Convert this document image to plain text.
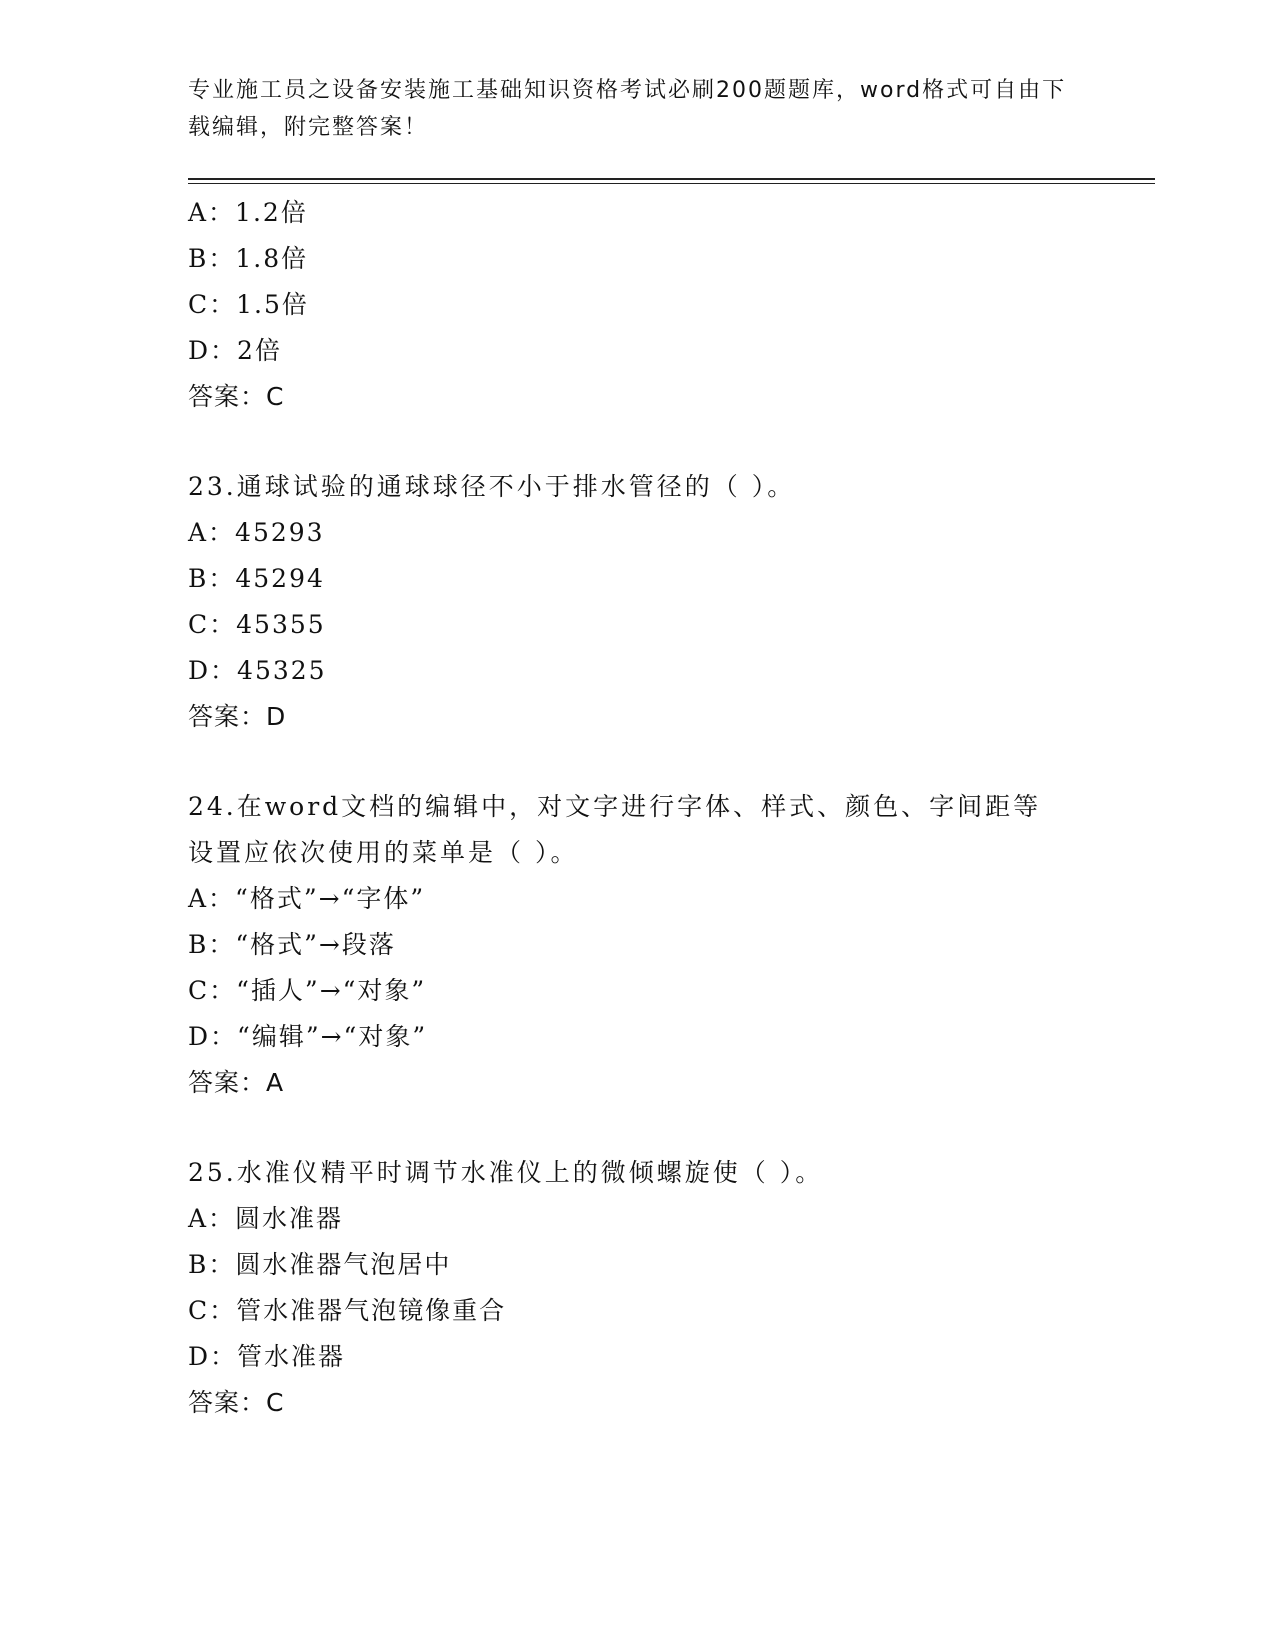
专业施工员之设备安装施工基础知识资格考试必刷200题题库，word格式可自由下载编辑，附完整答案！
A：1.2倍
B：1.8倍
C：1.5倍
D：2倍
答案：C
23.通球试验的通球球径不小于排水管径的（ ）。
A：45293
B：45294
C：45355
D：45325
答案：D
24.在word文档的编辑中，对文字进行字体、样式、颜色、字间距等设置应依次使用的菜单是（ ）。
A：“格式”→“字体”
B：“格式”→段落
C：“插人”→“对象”
D：“编辑”→“对象”
答案：A
25.水准仪精平时调节水准仪上的微倾螺旋使（ ）。
A：圆水准器
B：圆水准器气泡居中
C：管水准器气泡镜像重合
D：管水准器
答案：C
